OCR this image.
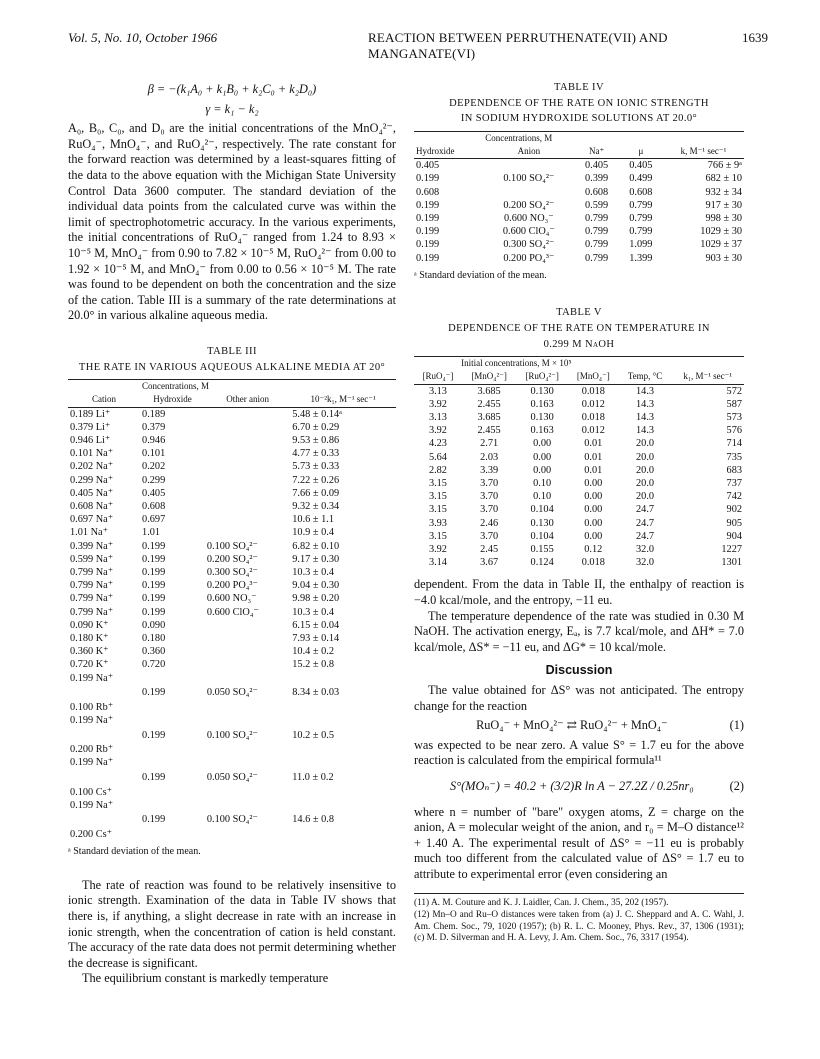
Vol. 5, No. 10, October 1966	REACTION BETWEEN PERRUTHENATE(VII) AND MANGANATE(VI)
1639

β = −(k₁A₀ + k₁B₀ + k₂C₀ + k₂D₀)

γ = k₁ − k₂

A₀, B₀, C₀, and D₀ are the initial concentrations of the MnO₄²⁻, RuO₄⁻, MnO₄⁻, and RuO₄²⁻, respectively. The rate constant for the forward reaction was determined by a least-squares fitting of the data to the above equation with the Michigan State University Control Data 3600 computer. The standard deviation of the individual data points from the calculated curve was within the limit of spectrophotometric accuracy. In the various experiments, the initial concentrations of RuO₄⁻ ranged from 1.24 to 8.93 × 10⁻⁵ M, MnO₄⁻ from 0.90 to 7.82 × 10⁻⁵ M, RuO₄²⁻ from 0.00 to 1.92 × 10⁻⁵ M, and MnO₄⁻ from 0.00 to 0.56 × 10⁻⁵ M. The rate was found to be dependent on both the concentration and the size of the cation. Table III is a summary of the rate determinations at 20.0° in various alkaline aqueous media.

TABLE III

THE RATE IN VARIOUS AQUEOUS ALKALINE MEDIA AT 20°

	Concentrations, M		
Cation	Hydroxide	Other anion	10⁻²k₁, M⁻¹ sec⁻¹
0.189 Li⁺	0.189		5.48 ± 0.14ᵃ
0.379 Li⁺	0.379		6.70 ± 0.29
0.946 Li⁺	0.946		9.53 ± 0.86
0.101 Na⁺	0.101		4.77 ± 0.33
0.202 Na⁺	0.202		5.73 ± 0.33
0.299 Na⁺	0.299		7.22 ± 0.26
0.405 Na⁺	0.405		7.66 ± 0.09
0.608 Na⁺	0.608		9.32 ± 0.34
0.697 Na⁺	0.697		10.6 ± 1.1
1.01 Na⁺	1.01		10.9 ± 0.4
0.399 Na⁺	0.199	0.100 SO₄²⁻	6.82 ± 0.10
0.599 Na⁺	0.199	0.200 SO₄²⁻	9.17 ± 0.30
0.799 Na⁺	0.199	0.300 SO₄²⁻	10.3 ± 0.4
0.799 Na⁺	0.199	0.200 PO₄³⁻	9.04 ± 0.30
0.799 Na⁺	0.199	0.600 NO₃⁻	9.98 ± 0.20
0.799 Na⁺	0.199	0.600 ClO₄⁻	10.3 ± 0.4
0.090 K⁺	0.090		6.15 ± 0.04
0.180 K⁺	0.180		7.93 ± 0.14
0.360 K⁺	0.360		10.4 ± 0.2
0.720 K⁺	0.720		15.2 ± 0.8

0.199 Na⁺
0.100 Rb⁺	0.199	0.050 SO₄²⁻	8.34 ± 0.03

0.199 Na⁺
0.200 Rb⁺	0.199	0.100 SO₄²⁻	10.2 ± 0.5

0.199 Na⁺
0.100 Cs⁺	0.199	0.050 SO₄²⁻	11.0 ± 0.2

0.199 Na⁺
0.200 Cs⁺	0.199	0.100 SO₄²⁻	14.6 ± 0.8

ᵃ Standard deviation of the mean.

The rate of reaction was found to be relatively insensitive to ionic strength. Examination of the data in Table IV shows that there is, if anything, a slight decrease in rate with an increase in ionic strength, when the concentration of cation is held constant. The accuracy of the rate data does not permit determining whether the decrease is significant.

The equilibrium constant is markedly temperature

TABLE IV

DEPENDENCE OF THE RATE ON IONIC STRENGTH

IN SODIUM HYDROXIDE SOLUTIONS AT 20.0°

	Concentrations, M			
Hydroxide	Anion	Na⁺	μ	k, M⁻¹ sec⁻¹
0.405		0.405	0.405	766 ± 9ᵃ
0.199	0.100 SO₄²⁻	0.399	0.499	682 ± 10
0.608		0.608	0.608	932 ± 34
0.199	0.200 SO₄²⁻	0.599	0.799	917 ± 30
0.199	0.600 NO₃⁻	0.799	0.799	998 ± 30
0.199	0.600 ClO₄⁻	0.799	0.799	1029 ± 30
0.199	0.300 SO₄²⁻	0.799	1.099	1029 ± 37
0.199	0.200 PO₄³⁻	0.799	1.399	903 ± 30

ᵃ Standard deviation of the mean.

TABLE V

DEPENDENCE OF THE RATE ON TEMPERATURE IN

0.299 M NaOH

Initial concentrations, M × 10⁵					
[RuO₄⁻]	[MnO₄²⁻]	[RuO₄²⁻]	[MnO₄⁻]	Temp, °C	k₁, M⁻¹ sec⁻¹
3.13	3.685	0.130	0.018	14.3	572
3.92	2.455	0.163	0.012	14.3	587
3.13	3.685	0.130	0.018	14.3	573
3.92	2.455	0.163	0.012	14.3	576
4.23	2.71	0.00	0.01	20.0	714
5.64	2.03	0.00	0.01	20.0	735
2.82	3.39	0.00	0.01	20.0	683
3.15	3.70	0.10	0.00	20.0	737
3.15	3.70	0.10	0.00	20.0	742
3.15	3.70	0.104	0.00	24.7	902
3.93	2.46	0.130	0.00	24.7	905
3.15	3.70	0.104	0.00	24.7	904
3.92	2.45	0.155	0.12	32.0	1227
3.14	3.67	0.124	0.018	32.0	1301

dependent. From the data in Table II, the enthalpy of reaction is −4.0 kcal/mole, and the entropy, −11 eu.

The temperature dependence of the rate was studied in 0.30 M NaOH. The activation energy, Eₐ, is 7.7 kcal/mole, and ΔH* = 7.0 kcal/mole, ΔS* = −11 eu, and ΔG* = 10 kcal/mole.

Discussion

The value obtained for ΔS° was not anticipated. The entropy change for the reaction

RuO₄⁻ + MnO₄²⁻ ⇄ RuO₄²⁻ + MnO₄⁻	(1)

was expected to be near zero. A value S° = 1.7 eu for the above reaction is calculated from the empirical formula¹¹

S°(MOₙ⁻) = 40.2 + (3/2)R ln A − 27.2Z / 0.25nr₀	(2)

where n = number of "bare" oxygen atoms, Z = charge on the anion, A = molecular weight of the anion, and r₀ = M–O distance¹² + 1.40 A. The experimental result of ΔS° = −11 eu is probably much too different from the calculated value of ΔS° = 1.7 eu to attribute to experimental error (even considering an

(11) A. M. Couture and K. J. Laidler, Can. J. Chem., 35, 202 (1957).

(12) Mn–O and Ru–O distances were taken from (a) J. C. Sheppard and A. C. Wahl, J. Am. Chem. Soc., 79, 1020 (1957); (b) R. L. C. Mooney, Phys. Rev., 37, 1306 (1931); (c) M. D. Silverman and H. A. Levy, J. Am. Chem. Soc., 76, 3317 (1954).
